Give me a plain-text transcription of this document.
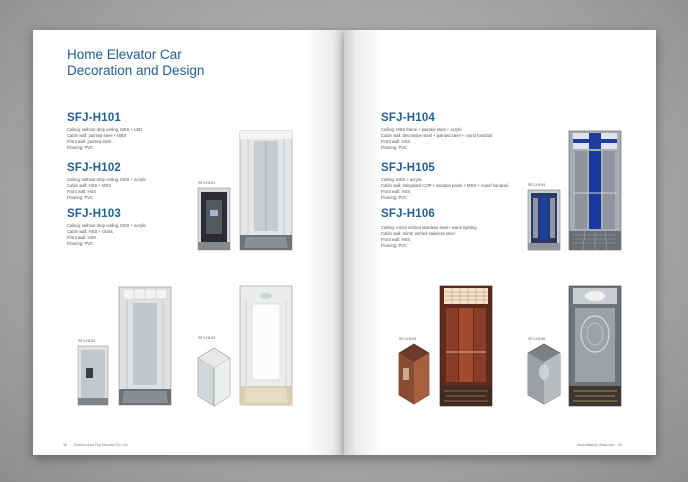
Home Elevator Car
Decoration and Design
SFJ-H101
Ceiling: without drop ceiling, MSS + LED
Cabin wall: painted steel + MSS
Front wall: painted steel
Flooring: PVC
SFJ-H102
Ceiling: without drop ceiling, MSS + acrylic
Cabin wall: HSS + MSS
Front wall: HSS
Flooring: PVC
SFJ-H103
Ceiling: without drop ceiling, MSS + acrylic
Cabin wall: HSS + Glass
Front wall: HSS
Flooring: PVC
SFJ-H101
SFJ-H102
SFJ-H103
38 Suzhou Asia Fuji Elevator Co.,Ltd.
SFJ-H104
Ceiling: MSS frame + painted steel + acrylic
Cabin wall: decorative steel + painted steel + round handrail
Front wall: HSS
Flooring: PVC
SFJ-H105
Ceiling: MSS + acrylic
Cabin wall: integrated COP + wooden panel + MSS + round handrail
Front wall: HSS
Flooring: PVC
SFJ-H106
Ceiling: mirror etched stainless steel+ warm lighting
Cabin wall: mirror etched stainless steel
Front wall: HSS
Flooring: PVC
SFJ-H104
SFJ-H105	SFJ-H106
www.asiafuji-china.com 19
